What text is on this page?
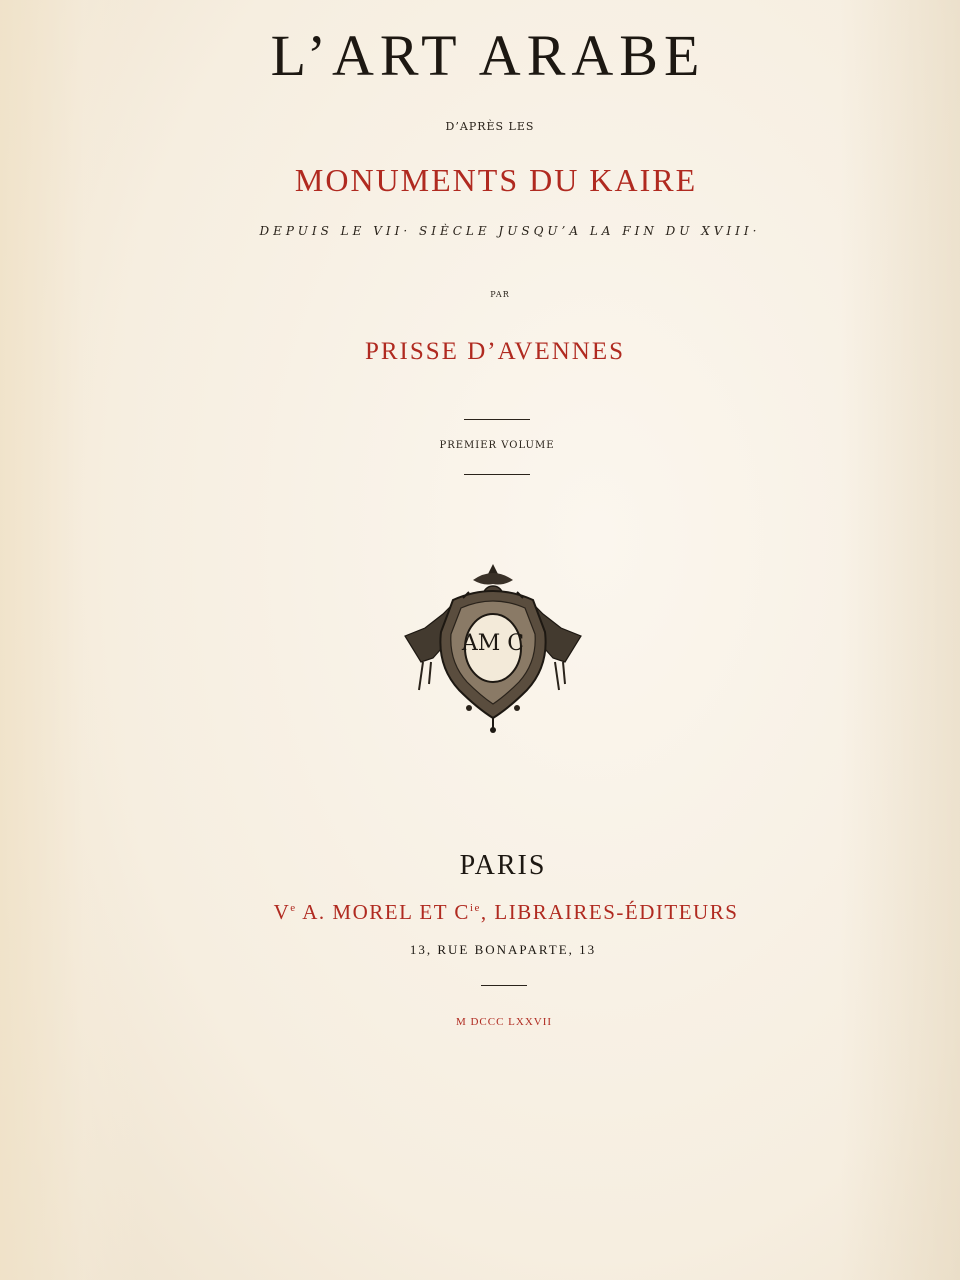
L’ART ARABE
D’APRÈS LES
MONUMENTS DU KAIRE
DEPUIS LE VII· SIÈCLE JUSQU’A LA FIN DU XVIII·
PAR
PRISSE D’AVENNES
PREMIER VOLUME
AM C
PARIS
Ve A. MOREL ET $C^{ie}$, LIBRAIRES-ÉDITEURS
13, RUE BONAPARTE, 13
M DCCC LXXVII
